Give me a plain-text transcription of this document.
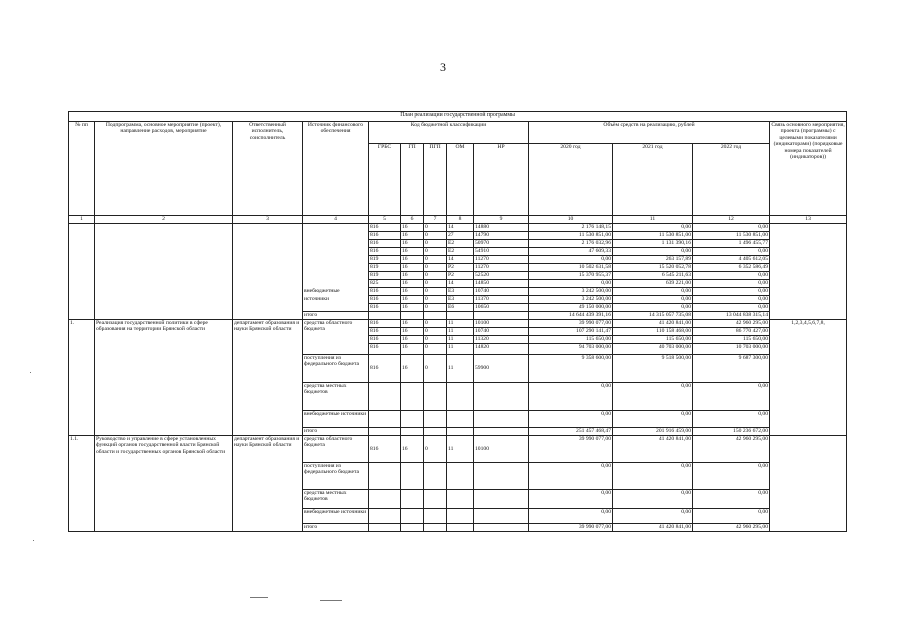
3
План реализации государственной программы												
№ пп	Подпрограмма, основное мероприятие (проект), направление расходов, мероприятие	Ответственный исполнитель, соисполнитель	Источник финансового обеспечения	Код бюджетной классификации					Объём средств на реализацию, рублей			Связь основного мероприятия, проекта (программы) с целевыми показателями (индикаторами) (порядковые номера показателей (индикаторов))
				ГРБС	ГП	ПГП	ОМ	НР	2020 год	2021 год	2022 год	
1	2	3	4	5	6	7	8	9	10	11	12	13
				816	16	0	14	14880	2 176 148,15	0,00	0,00	
				816	16	0	27	14790	11 530 851,00	11 530 851,00	11 530 851,00	
				816	16	0	E2	50970	2 176 032,96	1 131 390,16	1 496 455,77	
				816	16	0	E2	54910	47 609,33	0,00	0,00	
				819	16	0	14	11270	0,00	263 157,89	4 405 612,05	
				819	16	0	P2	11270	10 502 631,58	15 520 052,78	6 352 586,49	
				819	16	0	P2	52520	15 370 955,37	6 545 211,63	0,00	
				825	16	0	14	14850	0,00	639 221,00	0,00	
			внебюджетные	816	16	0	E3	10740	3 242 500,00	0,00	0,00	
			источники	816	16	0	E3	11370	3 242 500,00	0,00	0,00	
				816	16	0	E6	10650	49 150 000,00	0,00	0,00	
			итого						14 644 439 391,16	14 315 057 735,08	13 044 838 315,14	
1.	Реализация государственной политики в сфере образования на территории Брянской области	департамент образования и науки Брянской области	средства областного бюджета	816	16	0	11	10100	39 990 077,00	41 420 841,00	42 960 295,00	1,2,3,4,5,6,7,8,
				816	16	0	11	10740	107 290 141,47	110 158 468,00	86 770 427,00	
				816	16	0	11	11320	115 650,00	115 650,00	115 650,00	
				816	16	0	11	14820	94 703 000,00	40 703 000,00	10 703 000,00	
			поступления из федерального бюджета	816	16	0	11	59900	9 358 600,00	9 518 500,00	9 687 300,00	
			средства местных бюджетов						0,00	0,00	0,00	
			внебюджетные источники						0,00	0,00	0,00	
			итого						251 457 468,47	201 916 459,00	150 236 672,00	
1.1.	Руководство и управление в сфере установленных функций органов государственной власти Брянской области и государственных органов Брянской области	департамент образования и науки Брянской области	средства областного бюджета	816	16	0	11	10100	39 990 077,00	41 420 841,00	42 960 295,00	
			поступления из федерального бюджета						0,00	0,00	0,00	
			средства местных бюджетов						0,00	0,00	0,00	
			внебюджетные источники						0,00	0,00	0,00	
			итого						39 990 077,00	41 420 841,00	42 960 295,00	
